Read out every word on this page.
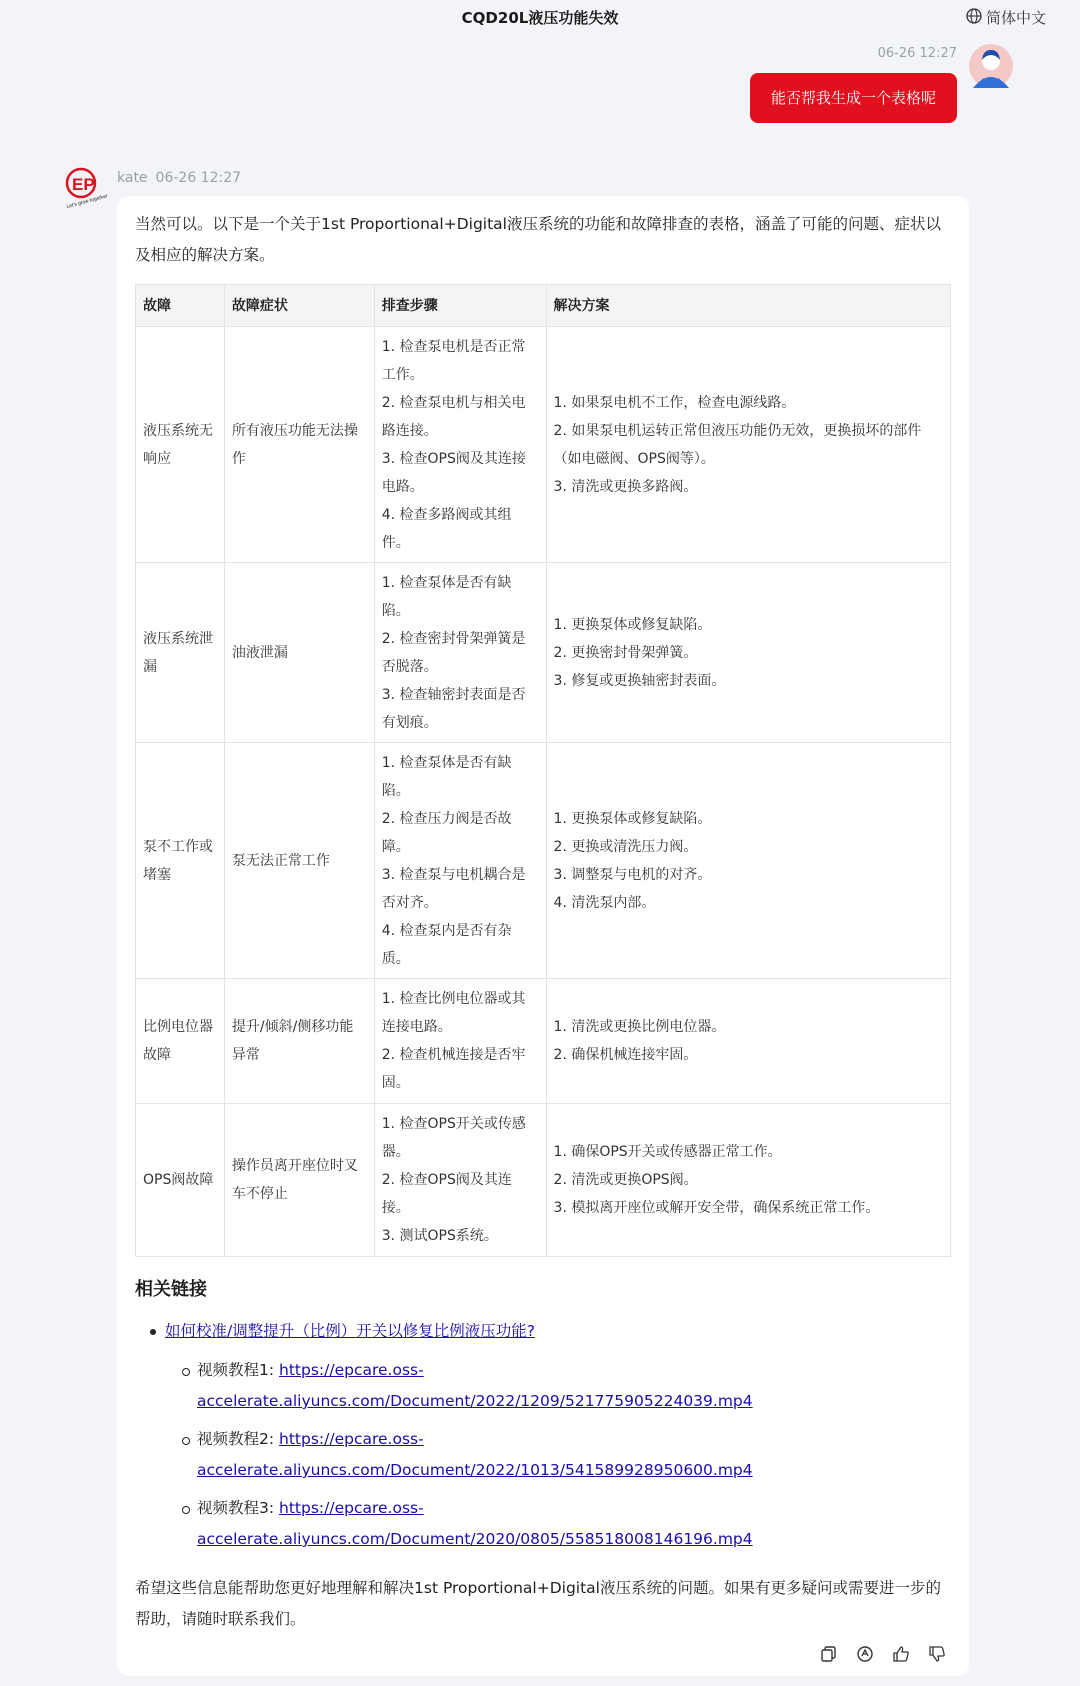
CQD20L液压功能失效	简体中文
06-26 12:27
能否帮我生成一个表格呢
EP
Let's grow together
kate 06-26 12:27
当然可以。以下是一个关于1st Proportional+Digital液压系统的功能和故障排查的表格，涵盖了可能的问题、症状以及相应的解决方案。
故障	故障症状	排查步骤	解决方案
液压系统无响应	所有液压功能无法操作	1. 检查泵电机是否正常工作。
2. 检查泵电机与相关电路连接。
3. 检查OPS阀及其连接电路。
4. 检查多路阀或其组件。	1. 如果泵电机不工作，检查电源线路。
2. 如果泵电机运转正常但液压功能仍无效，更换损坏的部件（如电磁阀、OPS阀等）。
3. 清洗或更换多路阀。

液压系统泄漏	油液泄漏	1. 检查泵体是否有缺陷。
2. 检查密封骨架弹簧是否脱落。
3. 检查轴密封表面是否有划痕。	1. 更换泵体或修复缺陷。
2. 更换密封骨架弹簧。
3. 修复或更换轴密封表面。

泵不工作或堵塞	泵无法正常工作	1. 检查泵体是否有缺陷。
2. 检查压力阀是否故障。
3. 检查泵与电机耦合是否对齐。
4. 检查泵内是否有杂质。	1. 更换泵体或修复缺陷。
2. 更换或清洗压力阀。
3. 调整泵与电机的对齐。
4. 清洗泵内部。

比例电位器故障	提升/倾斜/侧移功能异常	1. 检查比例电位器或其连接电路。
2. 检查机械连接是否牢固。	1. 清洗或更换比例电位器。
2. 确保机械连接牢固。

OPS阀故障	操作员离开座位时叉车不停止	1. 检查OPS开关或传感器。
2. 检查OPS阀及其连接。
3. 测试OPS系统。	1. 确保OPS开关或传感器正常工作。
2. 清洗或更换OPS阀。
3. 模拟离开座位或解开安全带，确保系统正常工作。
相关链接
如何校准/调整提升（比例）开关以修复比例液压功能?
视频教程1: https://epcare.oss-accelerate.aliyuncs.com/Document/2022/1209/521775905224039.mp4
视频教程2: https://epcare.oss-accelerate.aliyuncs.com/Document/2022/1013/541589928950600.mp4
视频教程3: https://epcare.oss-accelerate.aliyuncs.com/Document/2020/0805/558518008146196.mp4
希望这些信息能帮助您更好地理解和解决1st Proportional+Digital液压系统的问题。如果有更多疑问或需要进一步的帮助，请随时联系我们。
